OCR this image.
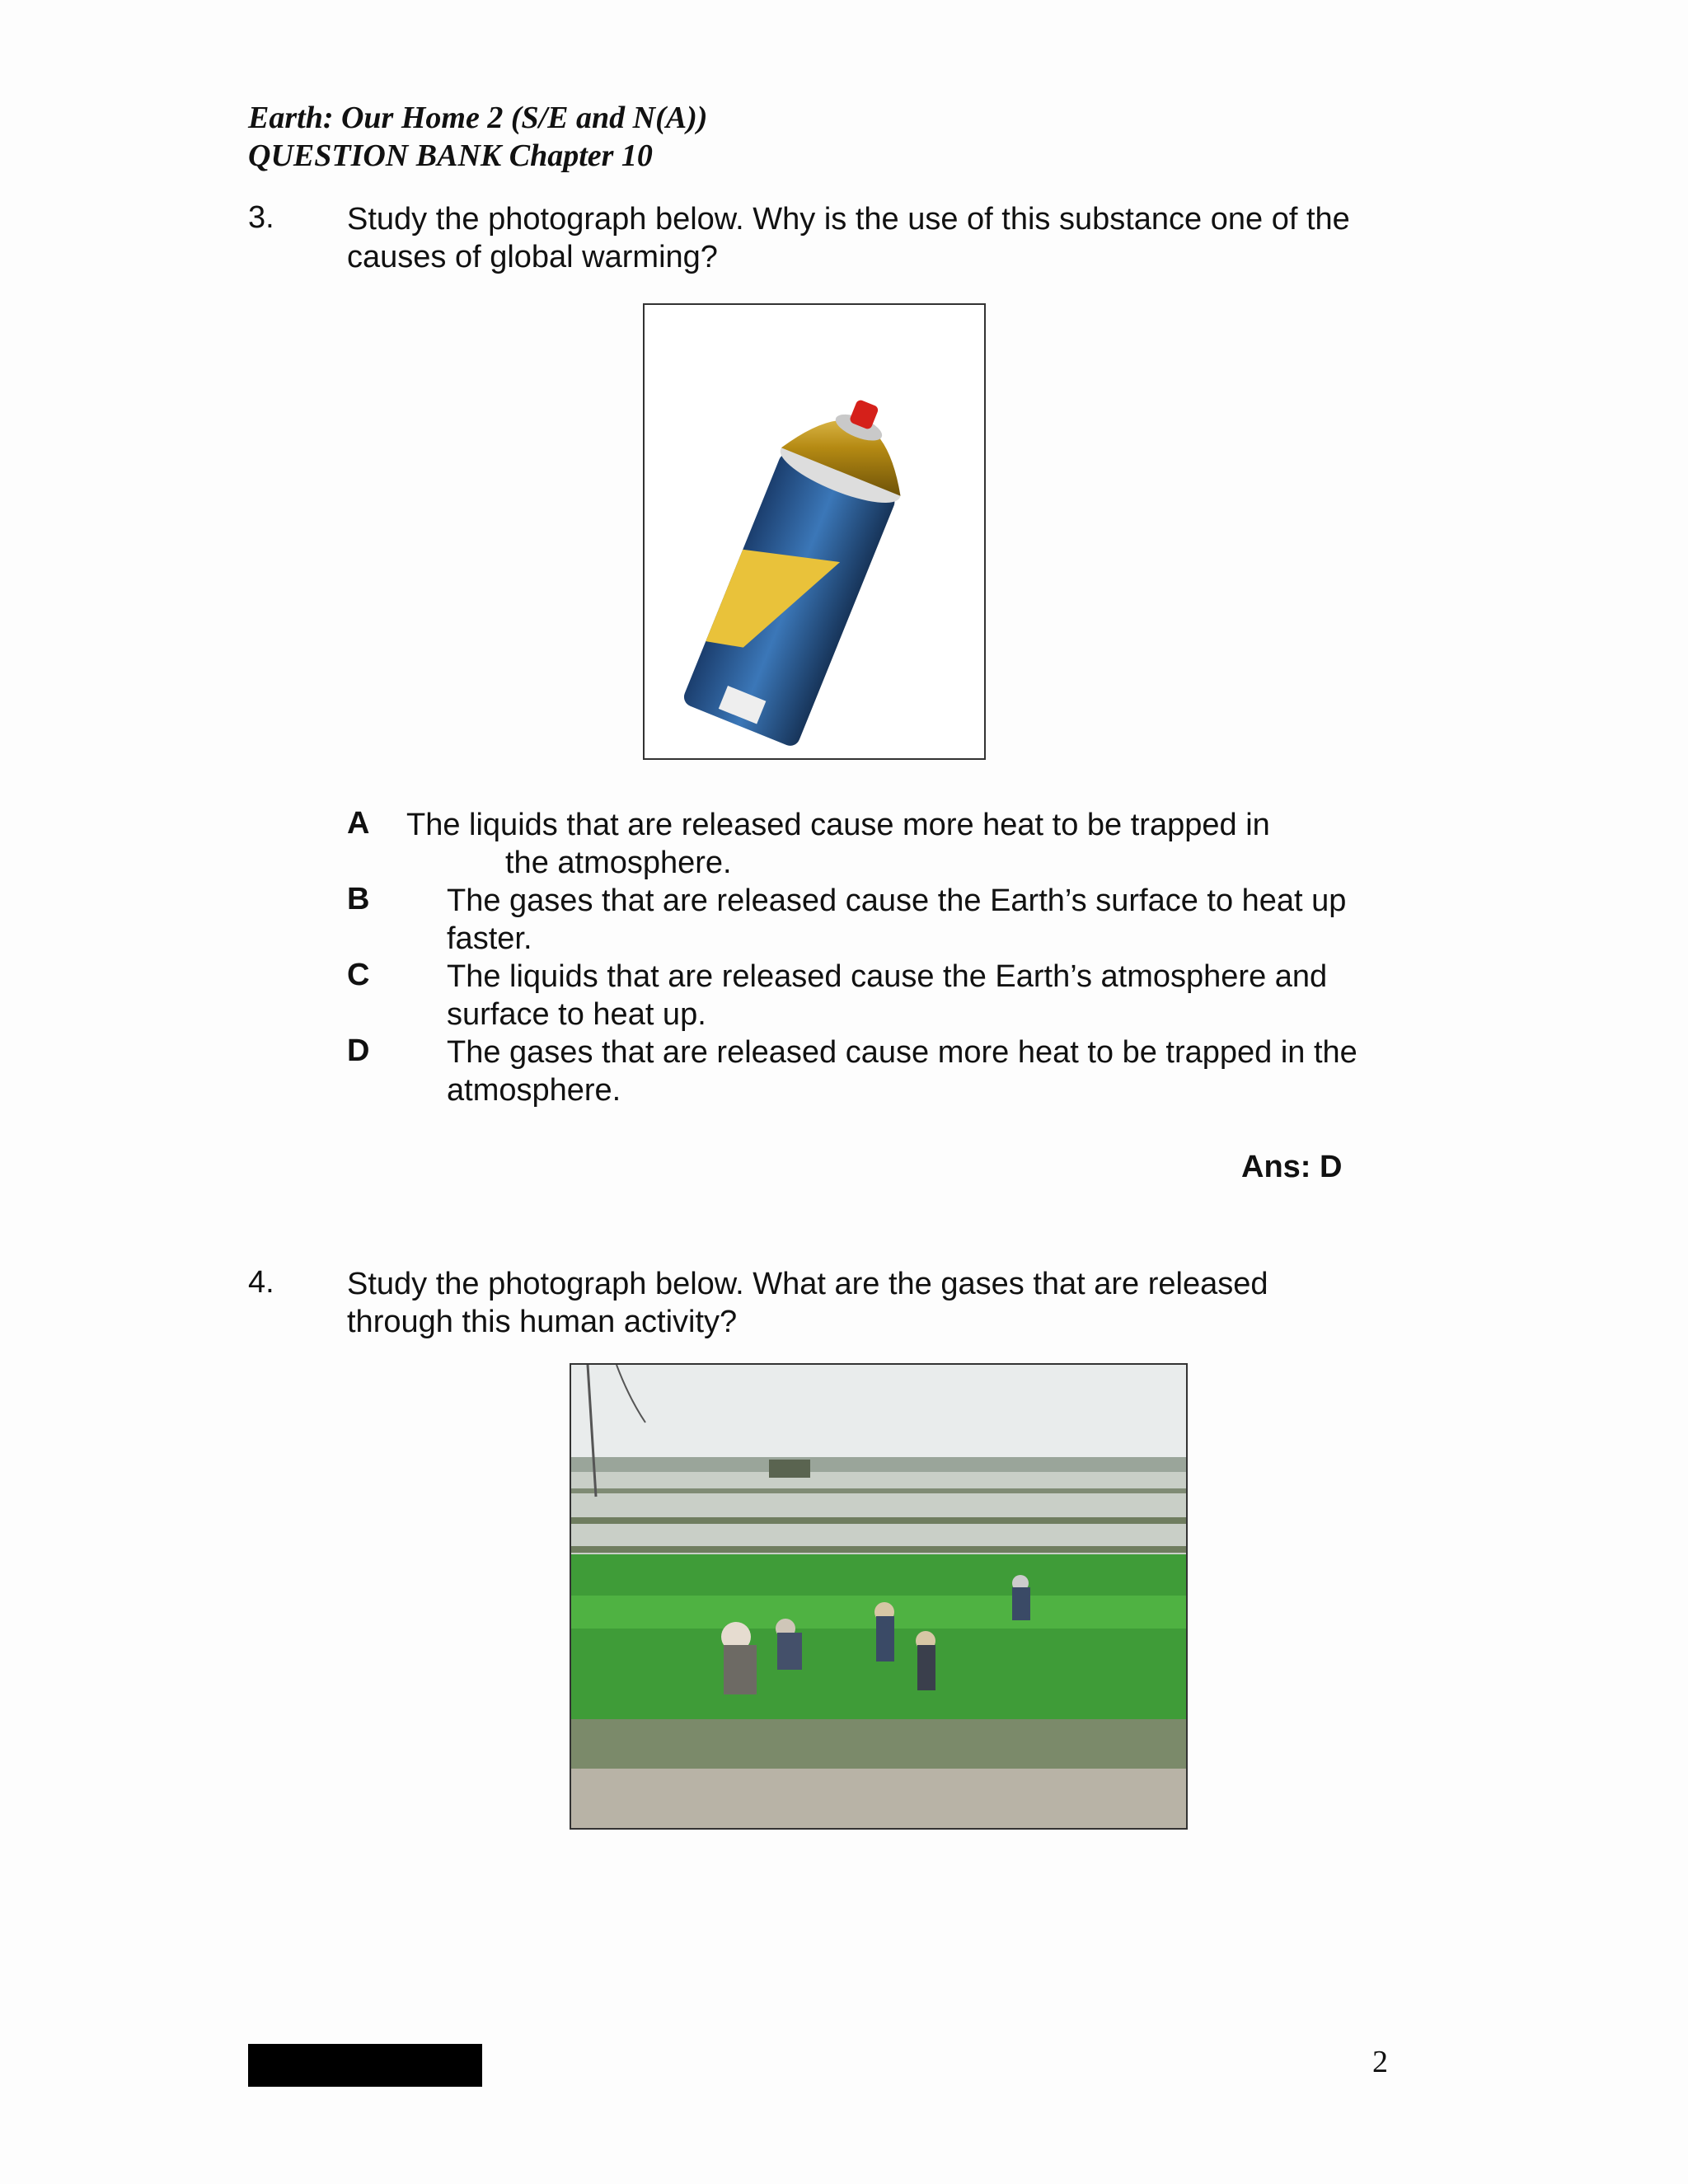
Earth: Our Home 2 (S/E and N(A))
QUESTION BANK Chapter 10
3. Study the photograph below. Why is the use of this substance one of the causes of global warming?
A The liquids that are released cause more heat to be trapped in
the atmosphere.
B The gases that are released cause the Earth’s surface to heat up faster.
C The liquids that are released cause the Earth’s atmosphere and surface to heat up.
D The gases that are released cause more heat to be trapped in the atmosphere.
Ans: D
4. Study the photograph below. What are the gases that are released through this human activity?
2
